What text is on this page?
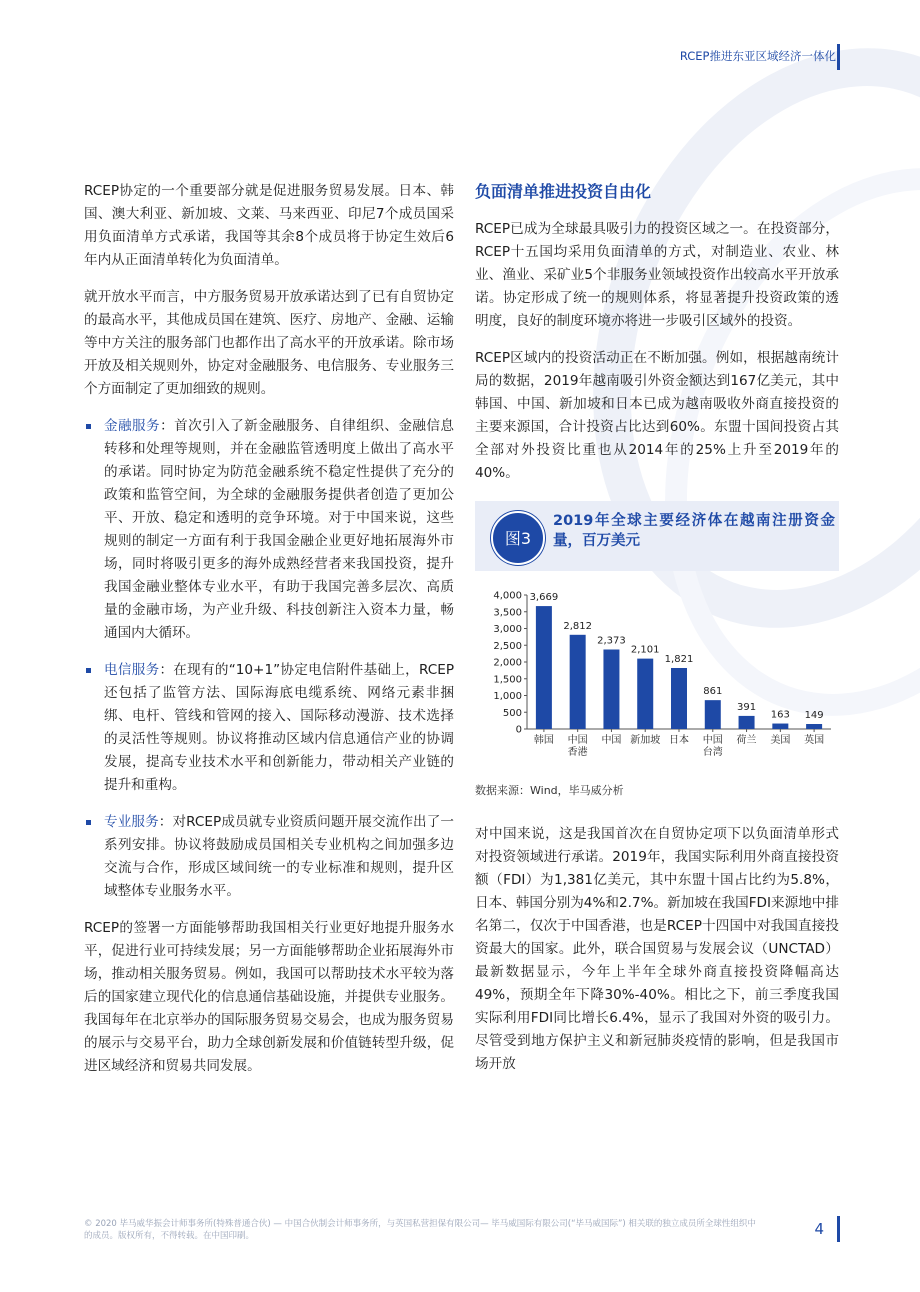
RCEP推进东亚区域经济一体化

RCEP协定的一个重要部分就是促进服务贸易发展。日本、韩国、澳大利亚、新加坡、文莱、马来西亚、印尼7个成员国采用负面清单方式承诺，我国等其余8个成员将于协定生效后6年内从正面清单转化为负面清单。

就开放水平而言，中方服务贸易开放承诺达到了已有自贸协定的最高水平，其他成员国在建筑、医疗、房地产、金融、运输等中方关注的服务部门也都作出了高水平的开放承诺。除市场开放及相关规则外，协定对金融服务、电信服务、专业服务三个方面制定了更加细致的规则。

金融服务：首次引入了新金融服务、自律组织、金融信息转移和处理等规则，并在金融监管透明度上做出了高水平的承诺。同时协定为防范金融系统不稳定性提供了充分的政策和监管空间，为全球的金融服务提供者创造了更加公平、开放、稳定和透明的竞争环境。对于中国来说，这些规则的制定一方面有利于我国金融企业更好地拓展海外市场，同时将吸引更多的海外成熟经营者来我国投资，提升我国金融业整体专业水平，有助于我国完善多层次、高质量的金融市场，为产业升级、科技创新注入资本力量，畅通国内大循环。
电信服务：在现有的“10+1”协定电信附件基础上，RCEP还包括了监管方法、国际海底电缆系统、网络元素非捆绑、电杆、管线和管网的接入、国际移动漫游、技术选择的灵活性等规则。协议将推动区域内信息通信产业的协调发展，提高专业技术水平和创新能力，带动相关产业链的提升和重构。
专业服务：对RCEP成员就专业资质问题开展交流作出了一系列安排。协议将鼓励成员国相关专业机构之间加强多边交流与合作，形成区域间统一的专业标准和规则，提升区域整体专业服务水平。

RCEP的签署一方面能够帮助我国相关行业更好地提升服务水平，促进行业可持续发展；另一方面能够帮助企业拓展海外市场，推动相关服务贸易。例如，我国可以帮助技术水平较为落后的国家建立现代化的信息通信基础设施，并提供专业服务。我国每年在北京举办的国际服务贸易交易会，也成为服务贸易的展示与交易平台，助力全球创新发展和价值链转型升级，促进区域经济和贸易共同发展。

负面清单推进投资自由化

RCEP已成为全球最具吸引力的投资区域之一。在投资部分，RCEP十五国均采用负面清单的方式，对制造业、农业、林业、渔业、采矿业5个非服务业领域投资作出较高水平开放承诺。协定形成了统一的规则体系，将显著提升投资政策的透明度，良好的制度环境亦将进一步吸引区域外的投资。

RCEP区域内的投资活动正在不断加强。例如，根据越南统计局的数据，2019年越南吸引外资金额达到167亿美元，其中韩国、中国、新加坡和日本已成为越南吸收外商直接投资的主要来源国，合计投资占比达到60%。东盟十国间投资占其全部对外投资比重也从2014年的25%上升至2019年的40%。

图3
2019年全球主要经济体在越南注册资金量，百万美元
0
500
1,000
1,500
2,000
2,500
3,000
3,500
4,000 3,669
韩国
2,812
中国
香港
2,373
中国
2,101
新加坡
1,821
日本
861
中国
台湾
391
荷兰
163
美国
149
英国
数据来源：Wind，毕马威分析

对中国来说，这是我国首次在自贸协定项下以负面清单形式对投资领域进行承诺。2019年，我国实际利用外商直接投资额（FDI）为1,381亿美元，其中东盟十国占比约为5.8%，日本、韩国分别为4%和2.7%。新加坡在我国FDI来源地中排名第二，仅次于中国香港，也是RCEP十四国中对我国直接投资最大的国家。此外，联合国贸易与发展会议（UNCTAD）最新数据显示，今年上半年全球外商直接投资降幅高达49%，预期全年下降30%-40%。相比之下，前三季度我国实际利用FDI同比增长6.4%，显示了我国对外资的吸引力。尽管受到地方保护主义和新冠肺炎疫情的影响，但是我国市场开放

© 2020 毕马威华振会计师事务所(特殊普通合伙) — 中国合伙制会计师事务所，与英国私营担保有限公司— 毕马威国际有限公司(“毕马威国际”) 相关联的独立成员所全球性组织中的成员。版权所有，不得转载。在中国印刷。	4
